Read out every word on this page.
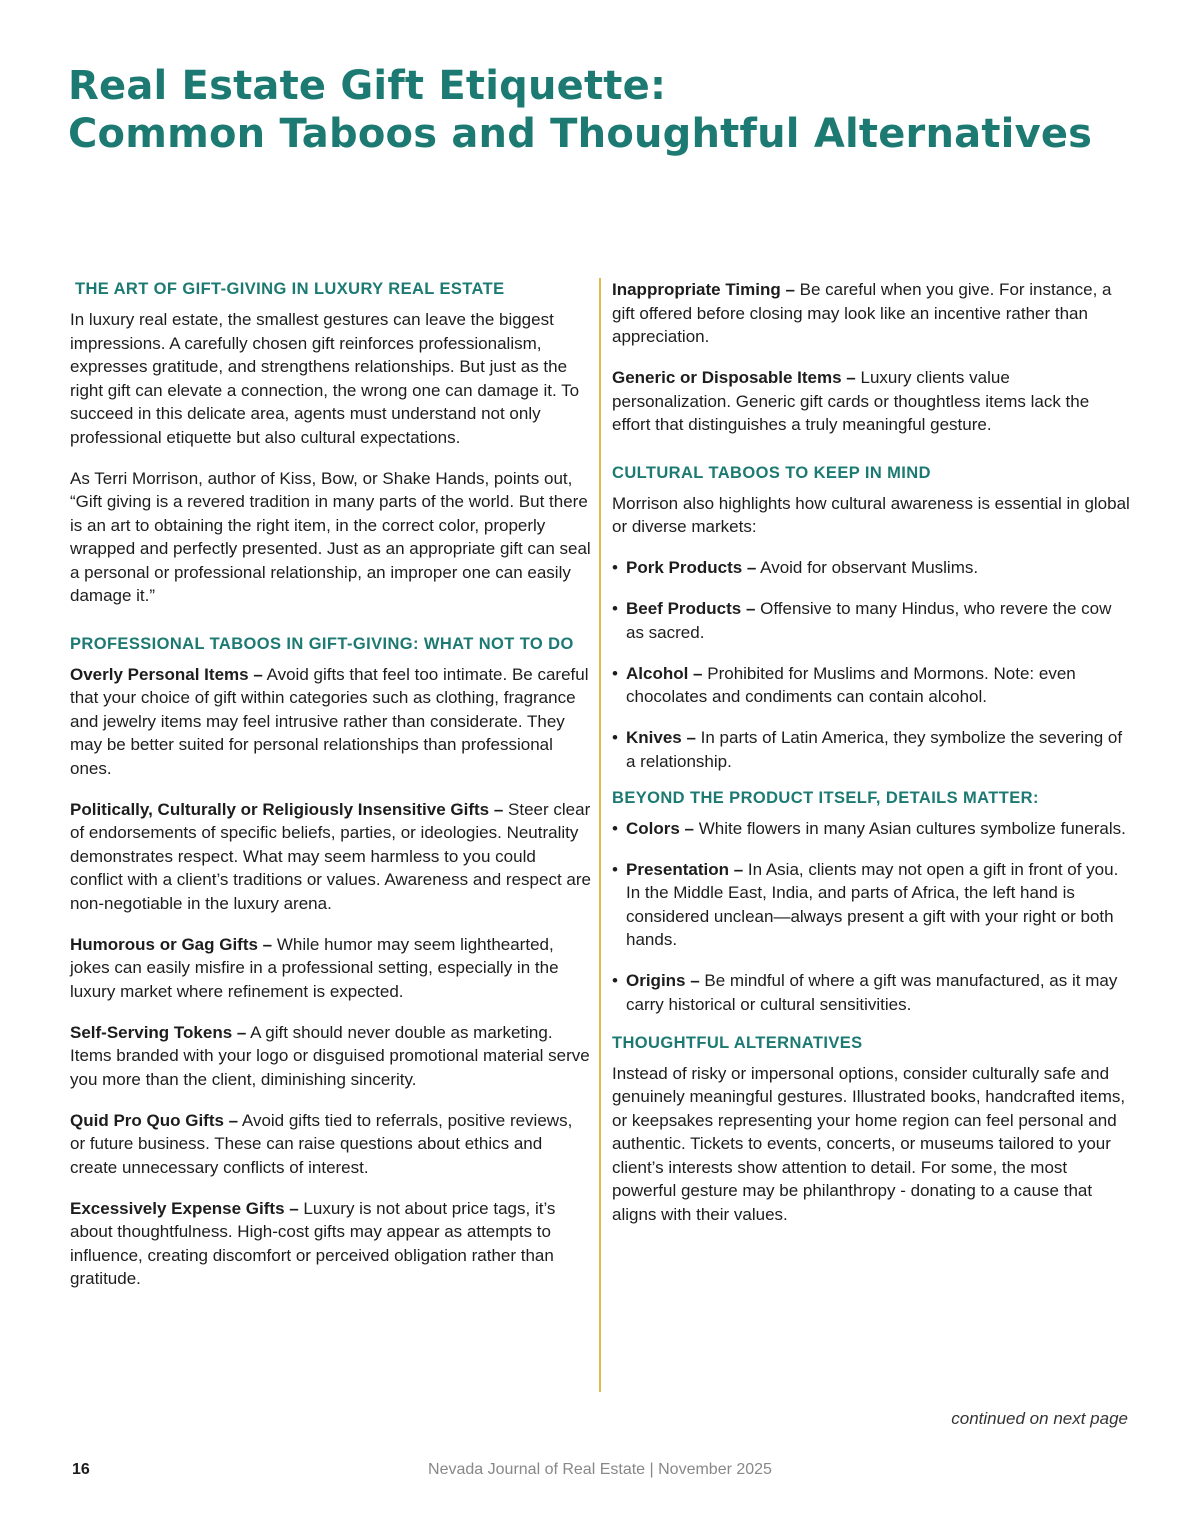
Real Estate Gift Etiquette:
Common Taboos and Thoughtful Alternatives
THE ART OF GIFT-GIVING IN LUXURY REAL ESTATE

In luxury real estate, the smallest gestures can leave the biggest impressions. A carefully chosen gift reinforces professionalism, expresses gratitude, and strengthens relationships. But just as the right gift can elevate a connection, the wrong one can damage it. To succeed in this delicate area, agents must understand not only professional etiquette but also cultural expectations.

As Terri Morrison, author of Kiss, Bow, or Shake Hands, points out, “Gift giving is a revered tradition in many parts of the world. But there is an art to obtaining the right item, in the correct color, properly wrapped and perfectly presented. Just as an appropriate gift can seal a personal or professional relationship, an improper one can easily damage it.”

PROFESSIONAL TABOOS IN GIFT-GIVING: WHAT NOT TO DO

Overly Personal Items – Avoid gifts that feel too intimate. Be careful that your choice of gift within categories such as clothing, fragrance and jewelry items may feel intrusive rather than considerate. They may be better suited for personal relationships than professional ones.

Politically, Culturally or Religiously Insensitive Gifts – Steer clear of endorsements of specific beliefs, parties, or ideologies. Neutrality demonstrates respect. What may seem harmless to you could conflict with a client’s traditions or values. Awareness and respect are non-negotiable in the luxury arena.

Humorous or Gag Gifts – While humor may seem lighthearted, jokes can easily misfire in a professional setting, especially in the luxury market where refinement is expected.

Self-Serving Tokens – A gift should never double as marketing. Items branded with your logo or disguised promotional material serve you more than the client, diminishing sincerity.

Quid Pro Quo Gifts – Avoid gifts tied to referrals, positive reviews, or future business. These can raise questions about ethics and create unnecessary conflicts of interest.

Excessively Expense Gifts – Luxury is not about price tags, it’s about thoughtfulness. High-cost gifts may appear as attempts to influence, creating discomfort or perceived obligation rather than gratitude.

Inappropriate Timing – Be careful when you give. For instance, a gift offered before closing may look like an incentive rather than appreciation.

Generic or Disposable Items – Luxury clients value personalization. Generic gift cards or thoughtless items lack the effort that distinguishes a truly meaningful gesture.

CULTURAL TABOOS TO KEEP IN MIND

Morrison also highlights how cultural awareness is essential in global or diverse markets:

• Pork Products – Avoid for observant Muslims.
• Beef Products – Offensive to many Hindus, who revere the cow as sacred.
• Alcohol – Prohibited for Muslims and Mormons. Note: even chocolates and condiments can contain alcohol.
• Knives – In parts of Latin America, they symbolize the severing of a relationship.
BEYOND THE PRODUCT ITSELF, DETAILS MATTER:
• Colors – White flowers in many Asian cultures symbolize funerals.
• Presentation – In Asia, clients may not open a gift in front of you. In the Middle East, India, and parts of Africa, the left hand is considered unclean—always present a gift with your right or both hands.
• Origins – Be mindful of where a gift was manufactured, as it may carry historical or cultural sensitivities.
THOUGHTFUL ALTERNATIVES

Instead of risky or impersonal options, consider culturally safe and genuinely meaningful gestures. Illustrated books, handcrafted items, or keepsakes representing your home region can feel personal and authentic. Tickets to events, concerts, or museums tailored to your client’s interests show attention to detail. For some, the most powerful gesture may be philanthropy - donating to a cause that aligns with their values.

continued on next page
Nevada Journal of Real Estate | November 2025
16
